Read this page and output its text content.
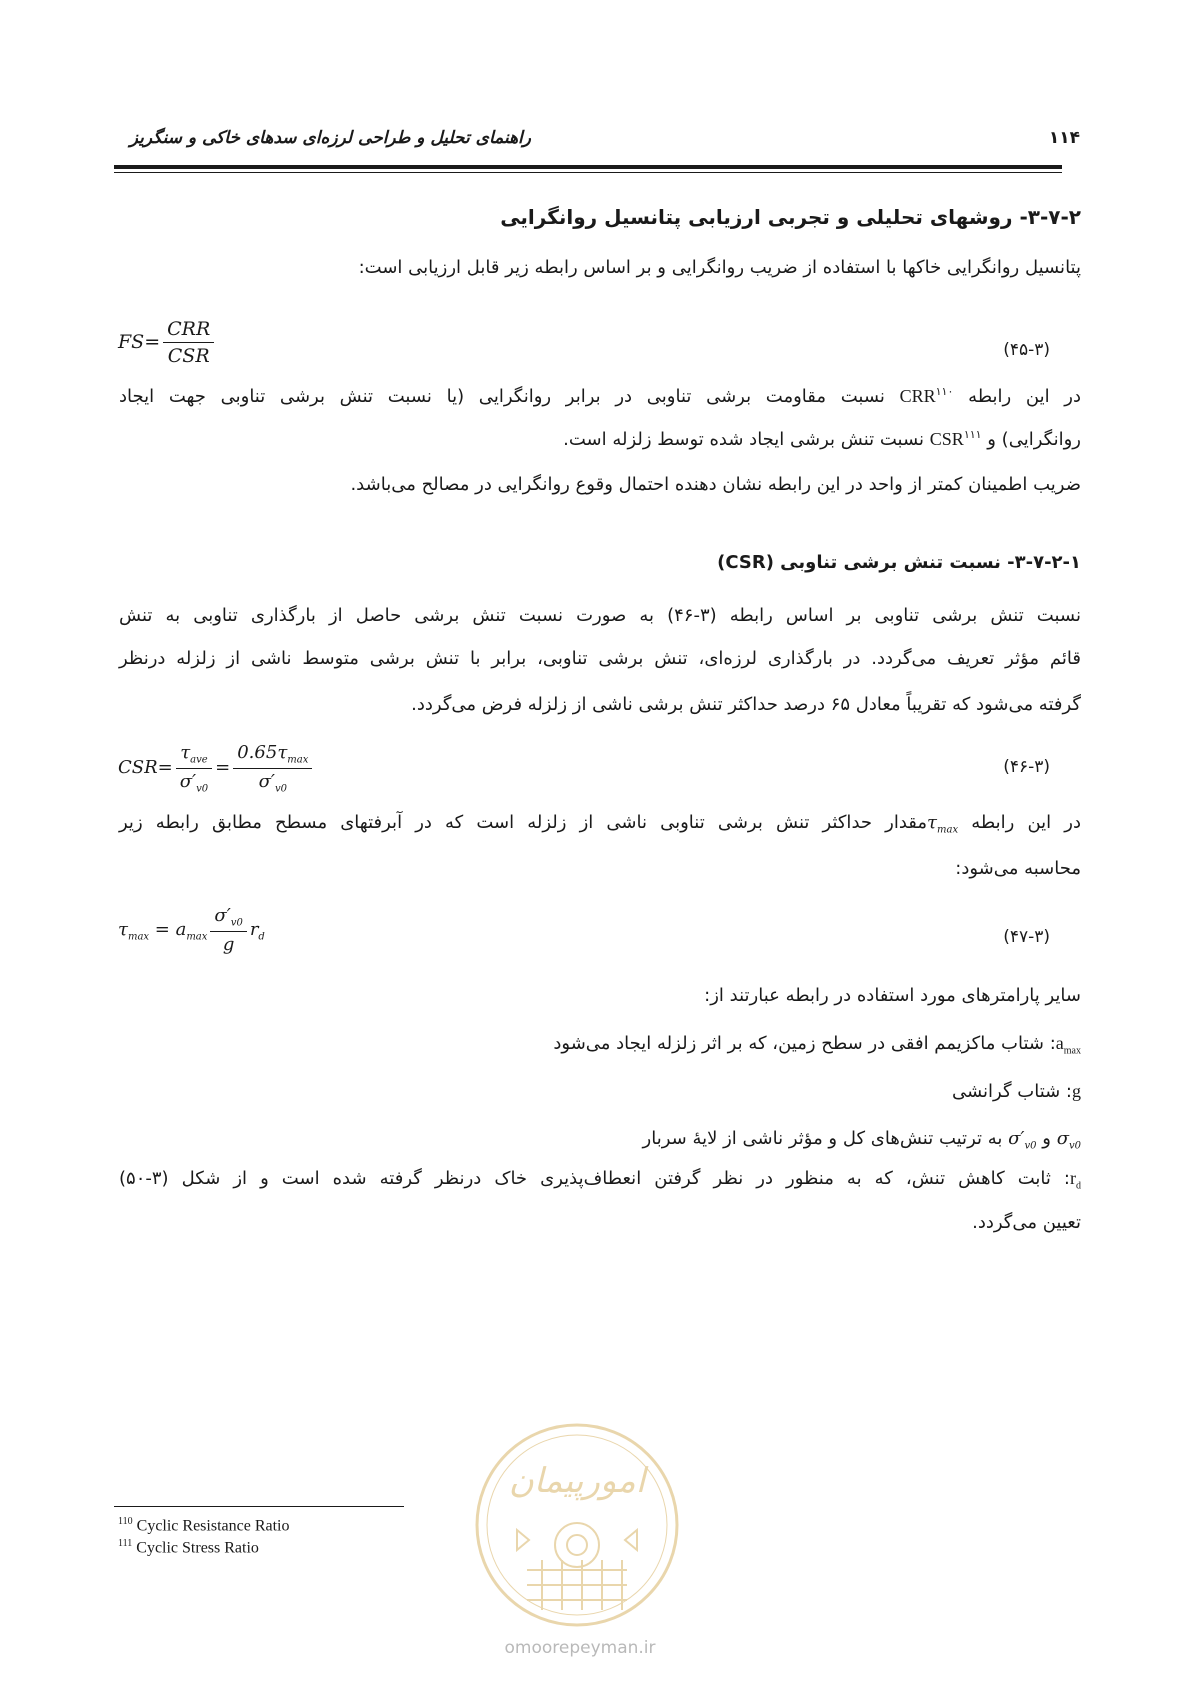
راهنمای تحلیل و طراحی لرزه‌ای سدهای خاکی و سنگریز	۱۱۴
۳-۷-۲- روشهای تحلیلی و تجربی ارزیابی پتانسیل روانگرایی
پتانسیل روانگرایی خاکها با استفاده از ضریب روانگرایی و بر اساس رابطه زیر قابل ارزیابی است:
$FS= \frac{\text{CRR}}{\text{CSR}}$	(۴۵-۳)
در این رابطه CRR$^{۱۱۰}$ نسبت مقاومت برشی تناوبی در برابر روانگرایی (یا نسبت تنش برشی تناوبی جهت ایجاد
روانگرایی) و CSR$^{۱۱۱}$ نسبت تنش برشی ایجاد شده توسط زلزله است.
ضریب اطمینان کمتر از واحد در این رابطه نشان دهنده احتمال وقوع روانگرایی در مصالح می‌باشد.
۳-۷-۲-۱- نسبت تنش برشی تناوبی (CSR)
نسبت تنش برشی تناوبی بر اساس رابطه (۳-۴۶) به صورت نسبت تنش برشی حاصل از بارگذاری تناوبی به تنش
قائم مؤثر تعریف می‌گردد. در بارگذاری لرزه‌ای، تنش برشی تناوبی، برابر با تنش برشی متوسط ناشی از زلزله درنظر
گرفته می‌شود که تقریباً معادل ۶۵ درصد حداکثر تنش برشی ناشی از زلزله فرض می‌گردد.
$CSR= \frac{\tau_{ave}}{\sigma'_{v0}} = \frac{0.65\tau_{max}}{\sigma'_{v0}}$	(۴۶-۳)
در این رابطه $\tau_{max}مقدار$ حداکثر تنش برشی تناوبی ناشی از زلزله است که در آبرفتهای مسطح مطابق رابطه زیر
محاسبه می‌شود:
$\tau_{max} = a_{max} \frac{\sigma'_{v0}}{g} r_d$	(۴۷-۳)
سایر پارامترهای مورد استفاده در رابطه عبارتند از:
$a_{max}$: شتاب ماکزیمم افقی در سطح زمین، که بر اثر زلزله ایجاد می‌شود
g: شتاب گرانشی
$\sigma_{v0}$ و $\sigma'_{v0}$ به ترتیب تنش‌های کل و مؤثر ناشی از لایهٔ سربار
$r_d$: ثابت کاهش تنش، که به منظور در نظر گرفتن انعطاف‌پذیری خاک درنظر گرفته شده است و از شکل (۳-۵۰)
تعیین می‌گردد.
امورپیمان
omoorepeyman.ir
$^{110}$ Cyclic Resistance Ratio
$^{111}$ Cyclic Stress Ratio
